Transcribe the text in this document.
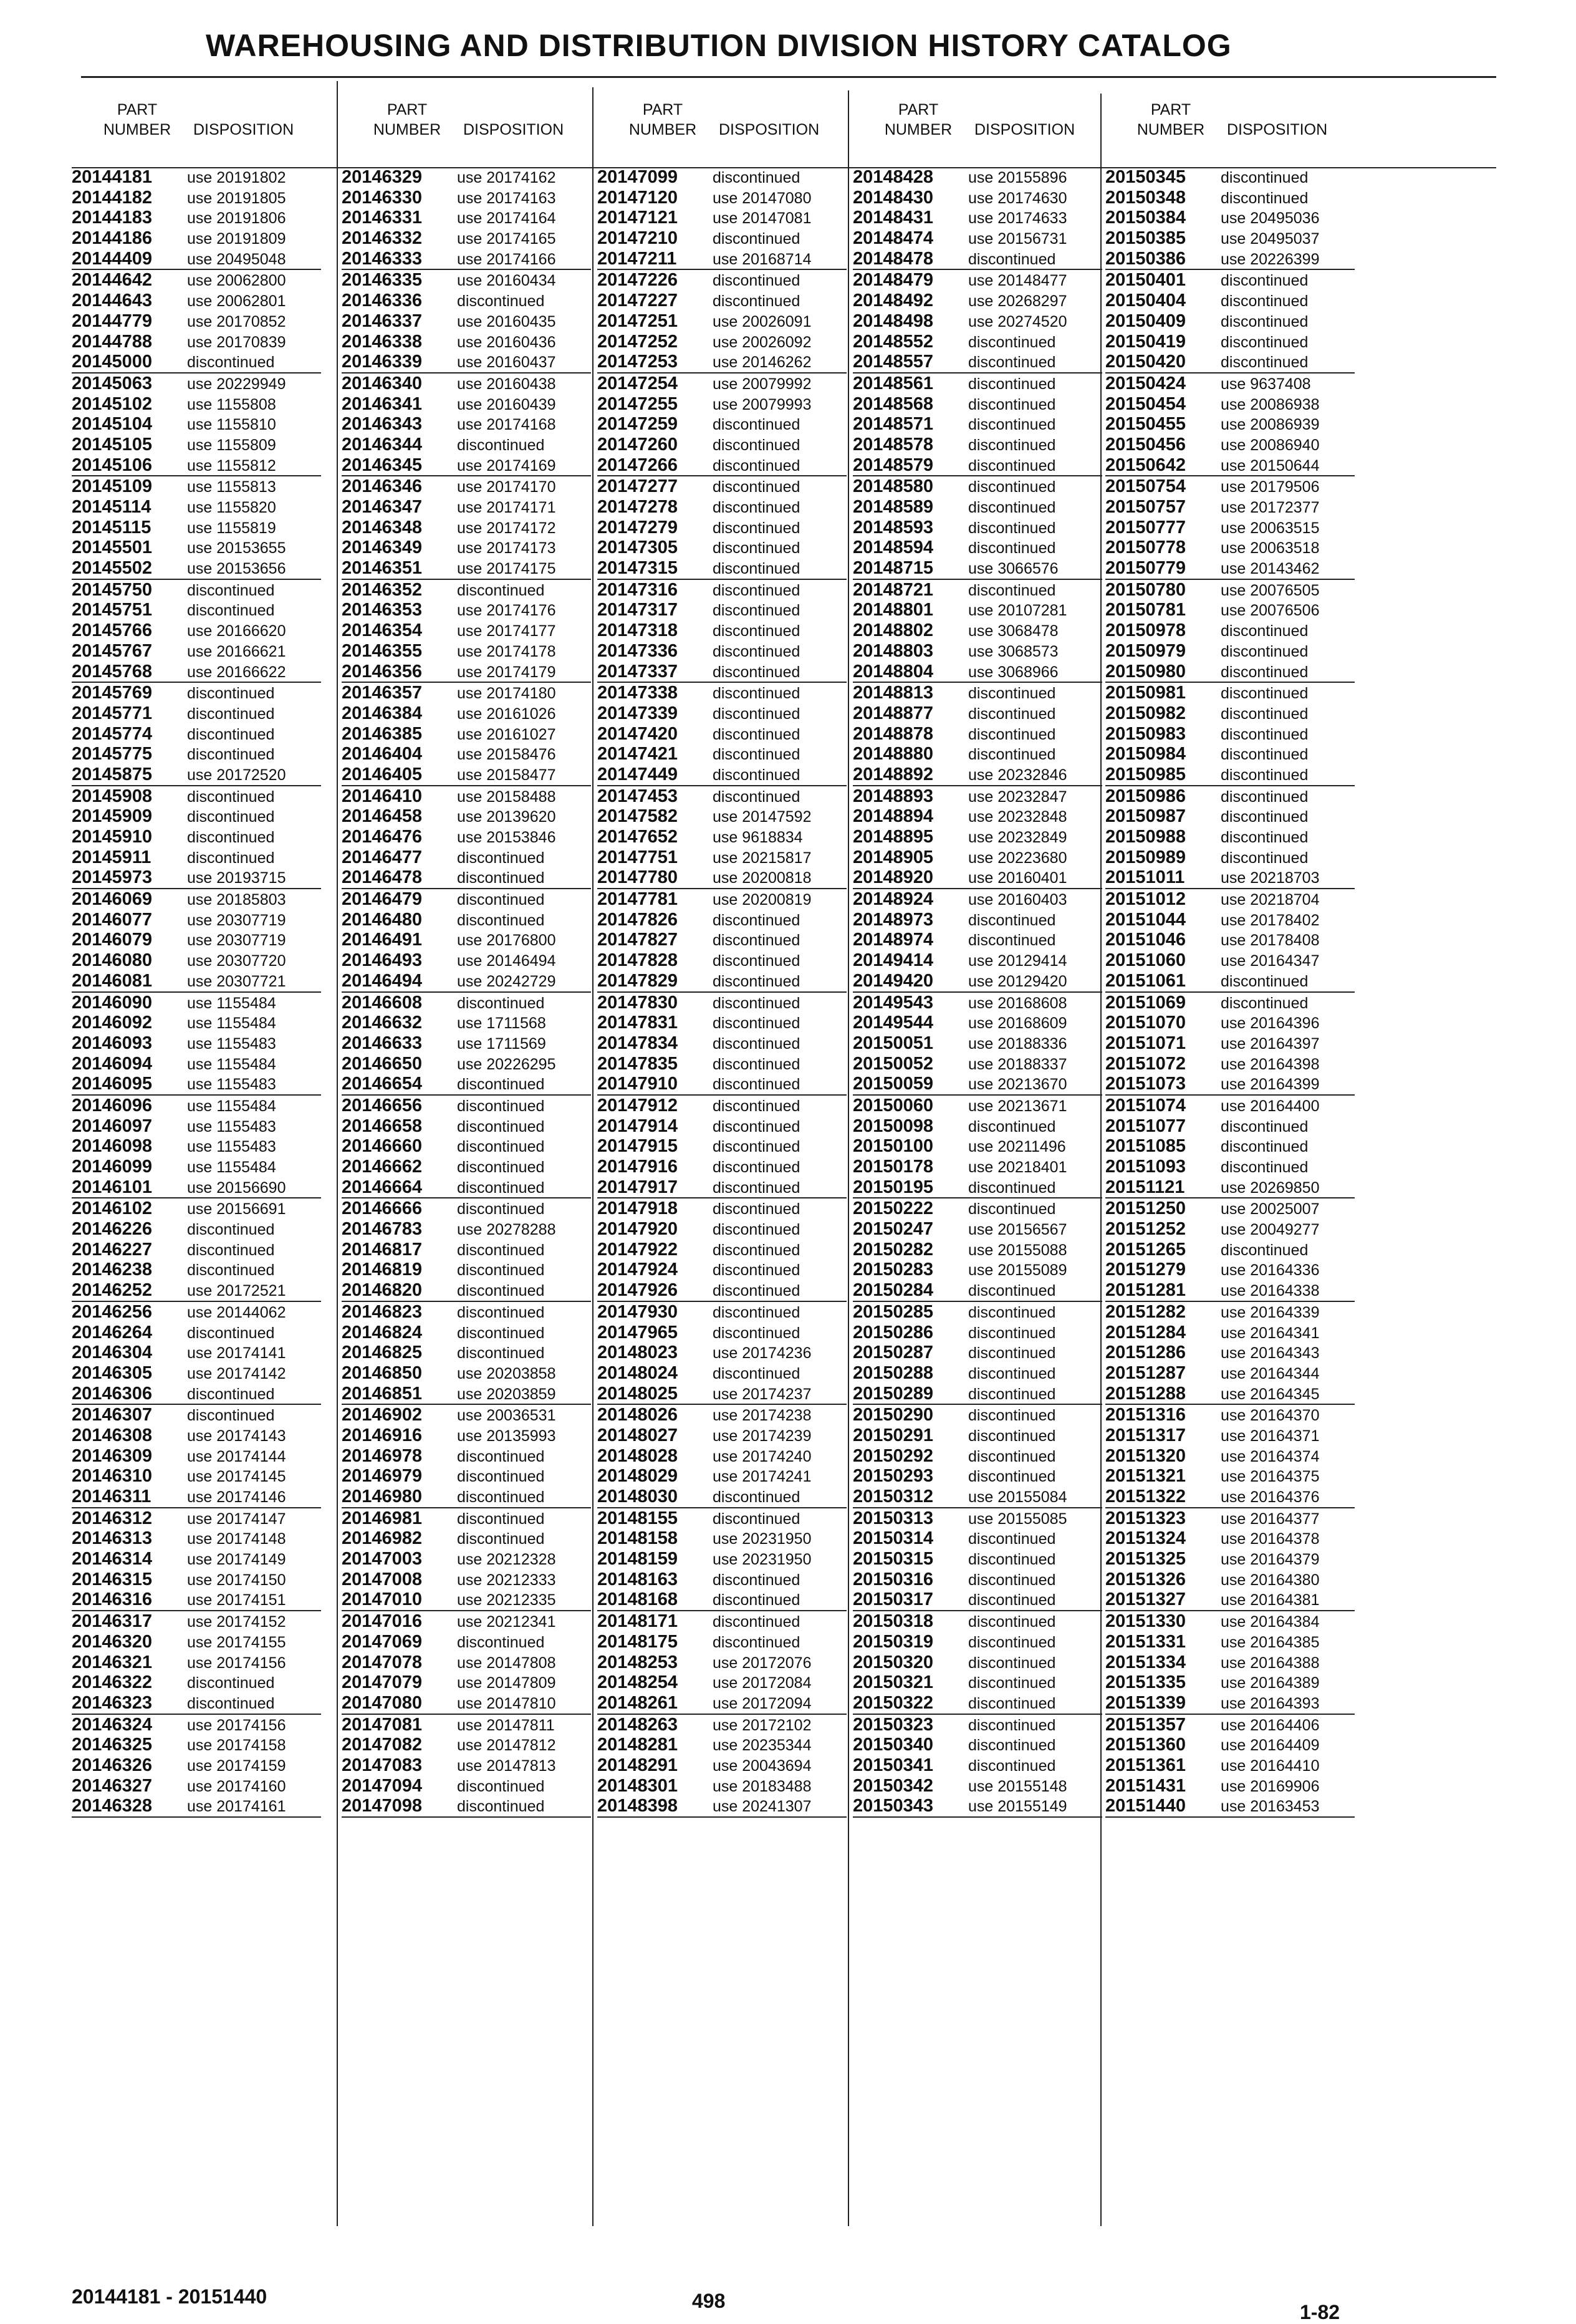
WAREHOUSING AND DISTRIBUTION DIVISION HISTORY CATALOG
PART
NUMBER	DISPOSITION
PART
NUMBER	DISPOSITION
PART
NUMBER	DISPOSITION
PART
NUMBER	DISPOSITION
PART
NUMBER	DISPOSITION
20144181 use 20191802
20144182 use 20191805
20144183 use 20191806
20144186 use 20191809
20144409 use 20495048
20144642 use 20062800
20144643 use 20062801
20144779 use 20170852
20144788 use 20170839
20145000 discontinued
20145063 use 20229949
20145102 use 1155808
20145104 use 1155810
20145105 use 1155809
20145106 use 1155812
20145109 use 1155813
20145114 use 1155820
20145115 use 1155819
20145501 use 20153655
20145502 use 20153656
20145750 discontinued
20145751 discontinued
20145766 use 20166620
20145767 use 20166621
20145768 use 20166622
20145769 discontinued
20145771 discontinued
20145774 discontinued
20145775 discontinued
20145875 use 20172520
20145908 discontinued
20145909 discontinued
20145910 discontinued
20145911 discontinued
20145973 use 20193715
20146069 use 20185803
20146077 use 20307719
20146079 use 20307719
20146080 use 20307720
20146081 use 20307721
20146090 use 1155484
20146092 use 1155484
20146093 use 1155483
20146094 use 1155484
20146095 use 1155483
20146096 use 1155484
20146097 use 1155483
20146098 use 1155483
20146099 use 1155484
20146101 use 20156690
20146102 use 20156691
20146226 discontinued
20146227 discontinued
20146238 discontinued
20146252 use 20172521
20146256 use 20144062
20146264 discontinued
20146304 use 20174141
20146305 use 20174142
20146306 discontinued
20146307 discontinued
20146308 use 20174143
20146309 use 20174144
20146310 use 20174145
20146311 use 20174146
20146312 use 20174147
20146313 use 20174148
20146314 use 20174149
20146315 use 20174150
20146316 use 20174151
20146317 use 20174152
20146320 use 20174155
20146321 use 20174156
20146322 discontinued
20146323 discontinued
20146324 use 20174156
20146325 use 20174158
20146326 use 20174159
20146327 use 20174160
20146328 use 20174161
20146329 use 20174162
20146330 use 20174163
20146331 use 20174164
20146332 use 20174165
20146333 use 20174166
20146335 use 20160434
20146336 discontinued
20146337 use 20160435
20146338 use 20160436
20146339 use 20160437
20146340 use 20160438
20146341 use 20160439
20146343 use 20174168
20146344 discontinued
20146345 use 20174169
20146346 use 20174170
20146347 use 20174171
20146348 use 20174172
20146349 use 20174173
20146351 use 20174175
20146352 discontinued
20146353 use 20174176
20146354 use 20174177
20146355 use 20174178
20146356 use 20174179
20146357 use 20174180
20146384 use 20161026
20146385 use 20161027
20146404 use 20158476
20146405 use 20158477
20146410 use 20158488
20146458 use 20139620
20146476 use 20153846
20146477 discontinued
20146478 discontinued
20146479 discontinued
20146480 discontinued
20146491 use 20176800
20146493 use 20146494
20146494 use 20242729
20146608 discontinued
20146632 use 1711568
20146633 use 1711569
20146650 use 20226295
20146654 discontinued
20146656 discontinued
20146658 discontinued
20146660 discontinued
20146662 discontinued
20146664 discontinued
20146666 discontinued
20146783 use 20278288
20146817 discontinued
20146819 discontinued
20146820 discontinued
20146823 discontinued
20146824 discontinued
20146825 discontinued
20146850 use 20203858
20146851 use 20203859
20146902 use 20036531
20146916 use 20135993
20146978 discontinued
20146979 discontinued
20146980 discontinued
20146981 discontinued
20146982 discontinued
20147003 use 20212328
20147008 use 20212333
20147010 use 20212335
20147016 use 20212341
20147069 discontinued
20147078 use 20147808
20147079 use 20147809
20147080 use 20147810
20147081 use 20147811
20147082 use 20147812
20147083 use 20147813
20147094 discontinued
20147098 discontinued
20147099 discontinued
20147120 use 20147080
20147121 use 20147081
20147210 discontinued
20147211 use 20168714
20147226 discontinued
20147227 discontinued
20147251 use 20026091
20147252 use 20026092
20147253 use 20146262
20147254 use 20079992
20147255 use 20079993
20147259 discontinued
20147260 discontinued
20147266 discontinued
20147277 discontinued
20147278 discontinued
20147279 discontinued
20147305 discontinued
20147315 discontinued
20147316 discontinued
20147317 discontinued
20147318 discontinued
20147336 discontinued
20147337 discontinued
20147338 discontinued
20147339 discontinued
20147420 discontinued
20147421 discontinued
20147449 discontinued
20147453 discontinued
20147582 use 20147592
20147652 use 9618834
20147751 use 20215817
20147780 use 20200818
20147781 use 20200819
20147826 discontinued
20147827 discontinued
20147828 discontinued
20147829 discontinued
20147830 discontinued
20147831 discontinued
20147834 discontinued
20147835 discontinued
20147910 discontinued
20147912 discontinued
20147914 discontinued
20147915 discontinued
20147916 discontinued
20147917 discontinued
20147918 discontinued
20147920 discontinued
20147922 discontinued
20147924 discontinued
20147926 discontinued
20147930 discontinued
20147965 discontinued
20148023 use 20174236
20148024 discontinued
20148025 use 20174237
20148026 use 20174238
20148027 use 20174239
20148028 use 20174240
20148029 use 20174241
20148030 discontinued
20148155 discontinued
20148158 use 20231950
20148159 use 20231950
20148163 discontinued
20148168 discontinued
20148171 discontinued
20148175 discontinued
20148253 use 20172076
20148254 use 20172084
20148261 use 20172094
20148263 use 20172102
20148281 use 20235344
20148291 use 20043694
20148301 use 20183488
20148398 use 20241307
20148428 use 20155896
20148430 use 20174630
20148431 use 20174633
20148474 use 20156731
20148478 discontinued
20148479 use 20148477
20148492 use 20268297
20148498 use 20274520
20148552 discontinued
20148557 discontinued
20148561 discontinued
20148568 discontinued
20148571 discontinued
20148578 discontinued
20148579 discontinued
20148580 discontinued
20148589 discontinued
20148593 discontinued
20148594 discontinued
20148715 use 3066576
20148721 discontinued
20148801 use 20107281
20148802 use 3068478
20148803 use 3068573
20148804 use 3068966
20148813 discontinued
20148877 discontinued
20148878 discontinued
20148880 discontinued
20148892 use 20232846
20148893 use 20232847
20148894 use 20232848
20148895 use 20232849
20148905 use 20223680
20148920 use 20160401
20148924 use 20160403
20148973 discontinued
20148974 discontinued
20149414 use 20129414
20149420 use 20129420
20149543 use 20168608
20149544 use 20168609
20150051 use 20188336
20150052 use 20188337
20150059 use 20213670
20150060 use 20213671
20150098 discontinued
20150100 use 20211496
20150178 use 20218401
20150195 discontinued
20150222 discontinued
20150247 use 20156567
20150282 use 20155088
20150283 use 20155089
20150284 discontinued
20150285 discontinued
20150286 discontinued
20150287 discontinued
20150288 discontinued
20150289 discontinued
20150290 discontinued
20150291 discontinued
20150292 discontinued
20150293 discontinued
20150312 use 20155084
20150313 use 20155085
20150314 discontinued
20150315 discontinued
20150316 discontinued
20150317 discontinued
20150318 discontinued
20150319 discontinued
20150320 discontinued
20150321 discontinued
20150322 discontinued
20150323 discontinued
20150340 discontinued
20150341 discontinued
20150342 use 20155148
20150343 use 20155149
20150345 discontinued
20150348 discontinued
20150384 use 20495036
20150385 use 20495037
20150386 use 20226399
20150401 discontinued
20150404 discontinued
20150409 discontinued
20150419 discontinued
20150420 discontinued
20150424 use 9637408
20150454 use 20086938
20150455 use 20086939
20150456 use 20086940
20150642 use 20150644
20150754 use 20179506
20150757 use 20172377
20150777 use 20063515
20150778 use 20063518
20150779 use 20143462
20150780 use 20076505
20150781 use 20076506
20150978 discontinued
20150979 discontinued
20150980 discontinued
20150981 discontinued
20150982 discontinued
20150983 discontinued
20150984 discontinued
20150985 discontinued
20150986 discontinued
20150987 discontinued
20150988 discontinued
20150989 discontinued
20151011 use 20218703
20151012 use 20218704
20151044 use 20178402
20151046 use 20178408
20151060 use 20164347
20151061 discontinued
20151069 discontinued
20151070 use 20164396
20151071 use 20164397
20151072 use 20164398
20151073 use 20164399
20151074 use 20164400
20151077 discontinued
20151085 discontinued
20151093 discontinued
20151121 use 20269850
20151250 use 20025007
20151252 use 20049277
20151265 discontinued
20151279 use 20164336
20151281 use 20164338
20151282 use 20164339
20151284 use 20164341
20151286 use 20164343
20151287 use 20164344
20151288 use 20164345
20151316 use 20164370
20151317 use 20164371
20151320 use 20164374
20151321 use 20164375
20151322 use 20164376
20151323 use 20164377
20151324 use 20164378
20151325 use 20164379
20151326 use 20164380
20151327 use 20164381
20151330 use 20164384
20151331 use 20164385
20151334 use 20164388
20151335 use 20164389
20151339 use 20164393
20151357 use 20164406
20151360 use 20164409
20151361 use 20164410
20151431 use 20169906
20151440 use 20163453
20144181 - 20151440	498	1-82
